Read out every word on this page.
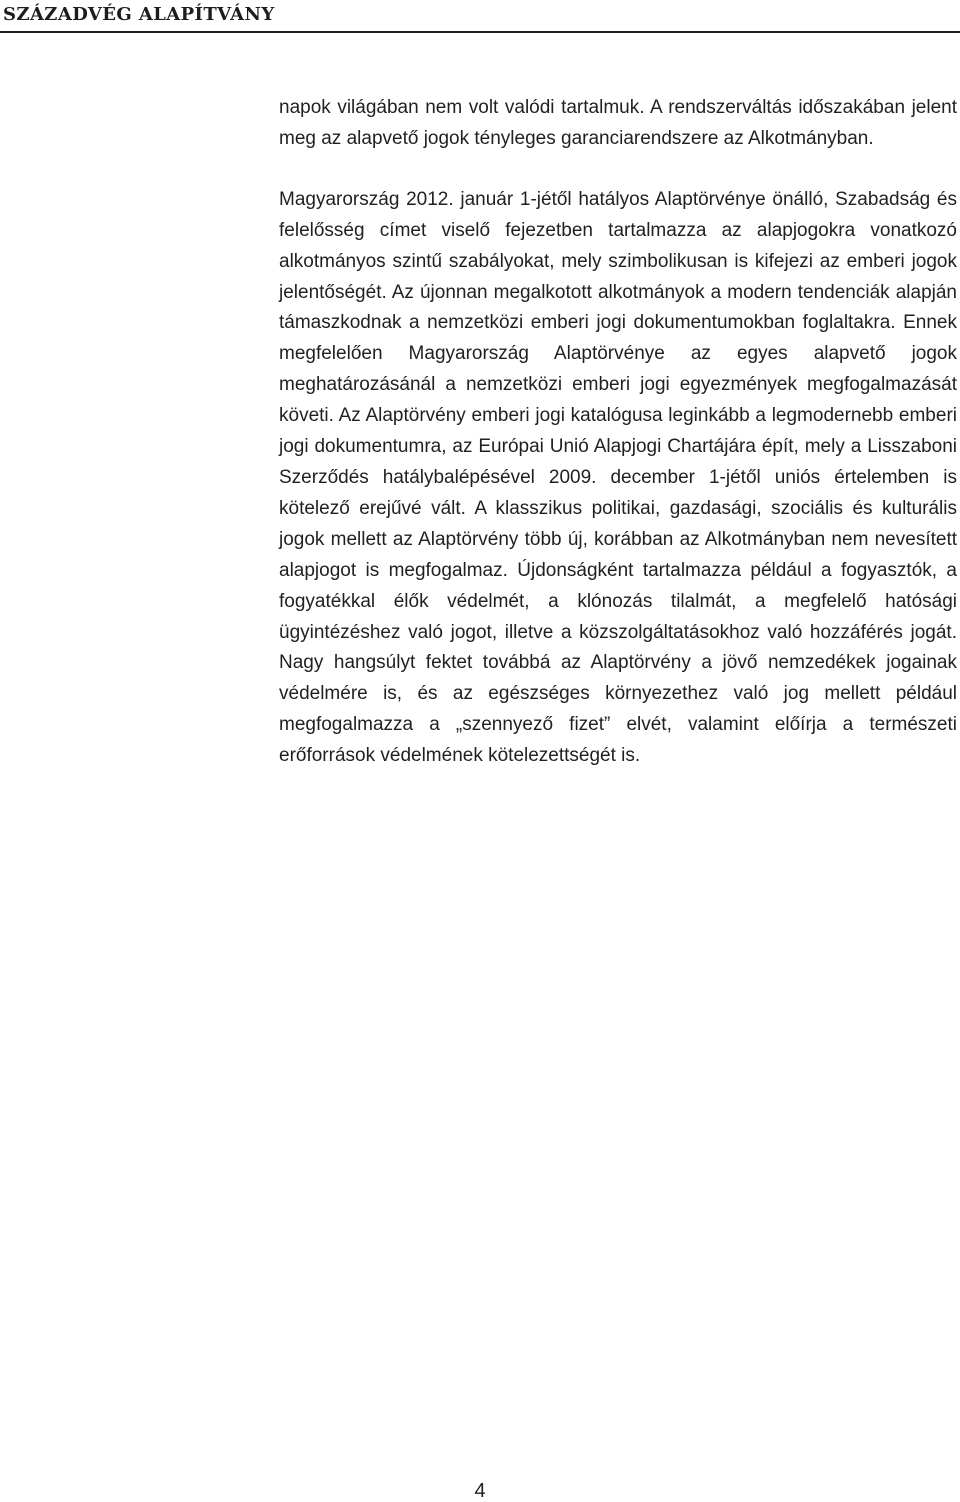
SZÁZADVÉG ALAPÍTVÁNY

napok világában nem volt valódi tartalmuk. A rendszerváltás időszakában jelent meg az alapvető jogok tényleges garanciarendszere az Alkotmányban.

Magyarország 2012. január 1-jétől hatályos Alaptörvénye önálló, Szabadság és felelősség címet viselő fejezetben tartalmazza az alapjogokra vonatkozó alkotmányos szintű szabályokat, mely szimbolikusan is kifejezi az emberi jogok jelentőségét. Az újonnan megalkotott alkotmányok a modern tendenciák alapján támaszkodnak a nemzetközi emberi jogi dokumentumokban foglaltakra. Ennek megfelelően Magyarország Alaptörvénye az egyes alapvető jogok meghatározásánál a nemzetközi emberi jogi egyezmények megfogalmazását követi. Az Alaptörvény emberi jogi katalógusa leginkább a legmodernebb emberi jogi dokumentumra, az Európai Unió Alapjogi Chartájára épít, mely a Lisszaboni Szerződés hatálybalépésével 2009. december 1-jétől uniós értelemben is kötelező erejűvé vált. A klasszikus politikai, gazdasági, szociális és kulturális jogok mellett az Alaptörvény több új, korábban az Alkotmányban nem nevesített alapjogot is megfogalmaz. Újdonságként tartalmazza például a fogyasztók, a fogyatékkal élők védelmét, a klónozás tilalmát, a megfelelő hatósági ügyintézéshez való jogot, illetve a közszolgáltatásokhoz való hozzáférés jogát. Nagy hangsúlyt fektet továbbá az Alaptörvény a jövő nemzedékek jogainak védelmére is, és az egészséges környezethez való jog mellett például megfogalmazza a „szennyező fizet” elvét, valamint előírja a természeti erőforrások védelmének kötelezettségét is.

4
